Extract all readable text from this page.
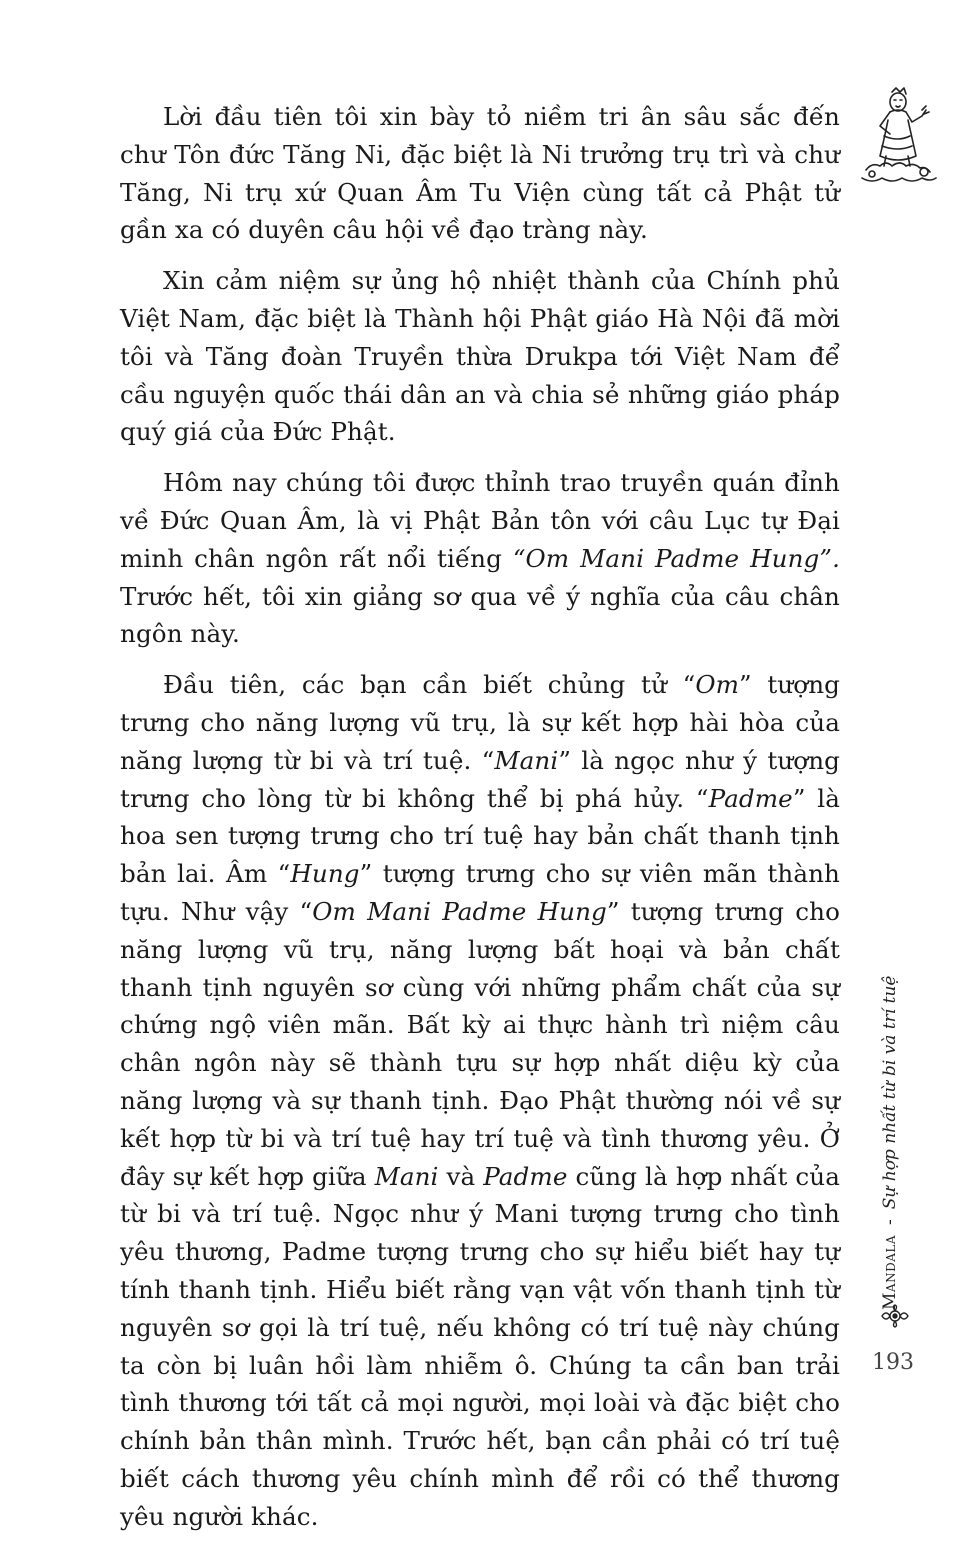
Lời đầu tiên tôi xin bày tỏ niềm tri ân sâu sắc đến chư Tôn đức Tăng Ni, đặc biệt là Ni trưởng trụ trì và chư Tăng, Ni trụ xứ Quan Âm Tu Viện cùng tất cả Phật tử gần xa có duyên câu hội về đạo tràng này.

Xin cảm niệm sự ủng hộ nhiệt thành của Chính phủ Việt Nam, đặc biệt là Thành hội Phật giáo Hà Nội đã mời tôi và Tăng đoàn Truyền thừa Drukpa tới Việt Nam để cầu nguyện quốc thái dân an và chia sẻ những giáo pháp quý giá của Đức Phật.

Hôm nay chúng tôi được thỉnh trao truyền quán đỉnh về Đức Quan Âm, là vị Phật Bản tôn với câu Lục tự Đại minh chân ngôn rất nổi tiếng “Om Mani Padme Hung”. Trước hết, tôi xin giảng sơ qua về ý nghĩa của câu chân ngôn này.

Đầu tiên, các bạn cần biết chủng tử “Om” tượng trưng cho năng lượng vũ trụ, là sự kết hợp hài hòa của năng lượng từ bi và trí tuệ. “Mani” là ngọc như ý tượng trưng cho lòng từ bi không thể bị phá hủy. “Padme” là hoa sen tượng trưng cho trí tuệ hay bản chất thanh tịnh bản lai. Âm “Hung” tượng trưng cho sự viên mãn thành tựu. Như vậy “Om Mani Padme Hung” tượng trưng cho năng lượng vũ trụ, năng lượng bất hoại và bản chất thanh tịnh nguyên sơ cùng với những phẩm chất của sự chứng ngộ viên mãn. Bất kỳ ai thực hành trì niệm câu chân ngôn này sẽ thành tựu sự hợp nhất diệu kỳ của năng lượng và sự thanh tịnh. Đạo Phật thường nói về sự kết hợp từ bi và trí tuệ hay trí tuệ và tình thương yêu. Ở đây sự kết hợp giữa Mani và Padme cũng là hợp nhất của từ bi và trí tuệ. Ngọc như ý Mani tượng trưng cho tình yêu thương, Padme tượng trưng cho sự hiểu biết hay tự tính thanh tịnh. Hiểu biết rằng vạn vật vốn thanh tịnh từ nguyên sơ gọi là trí tuệ, nếu không có trí tuệ này chúng ta còn bị luân hồi làm nhiễm ô. Chúng ta cần ban trải tình thương tới tất cả mọi người, mọi loài và đặc biệt cho chính bản thân mình. Trước hết, bạn cần phải có trí tuệ biết cách thương yêu chính mình để rồi có thể thương yêu người khác.

Mandala
-
Sự hợp nhất từ bi và trí tuệ
193
